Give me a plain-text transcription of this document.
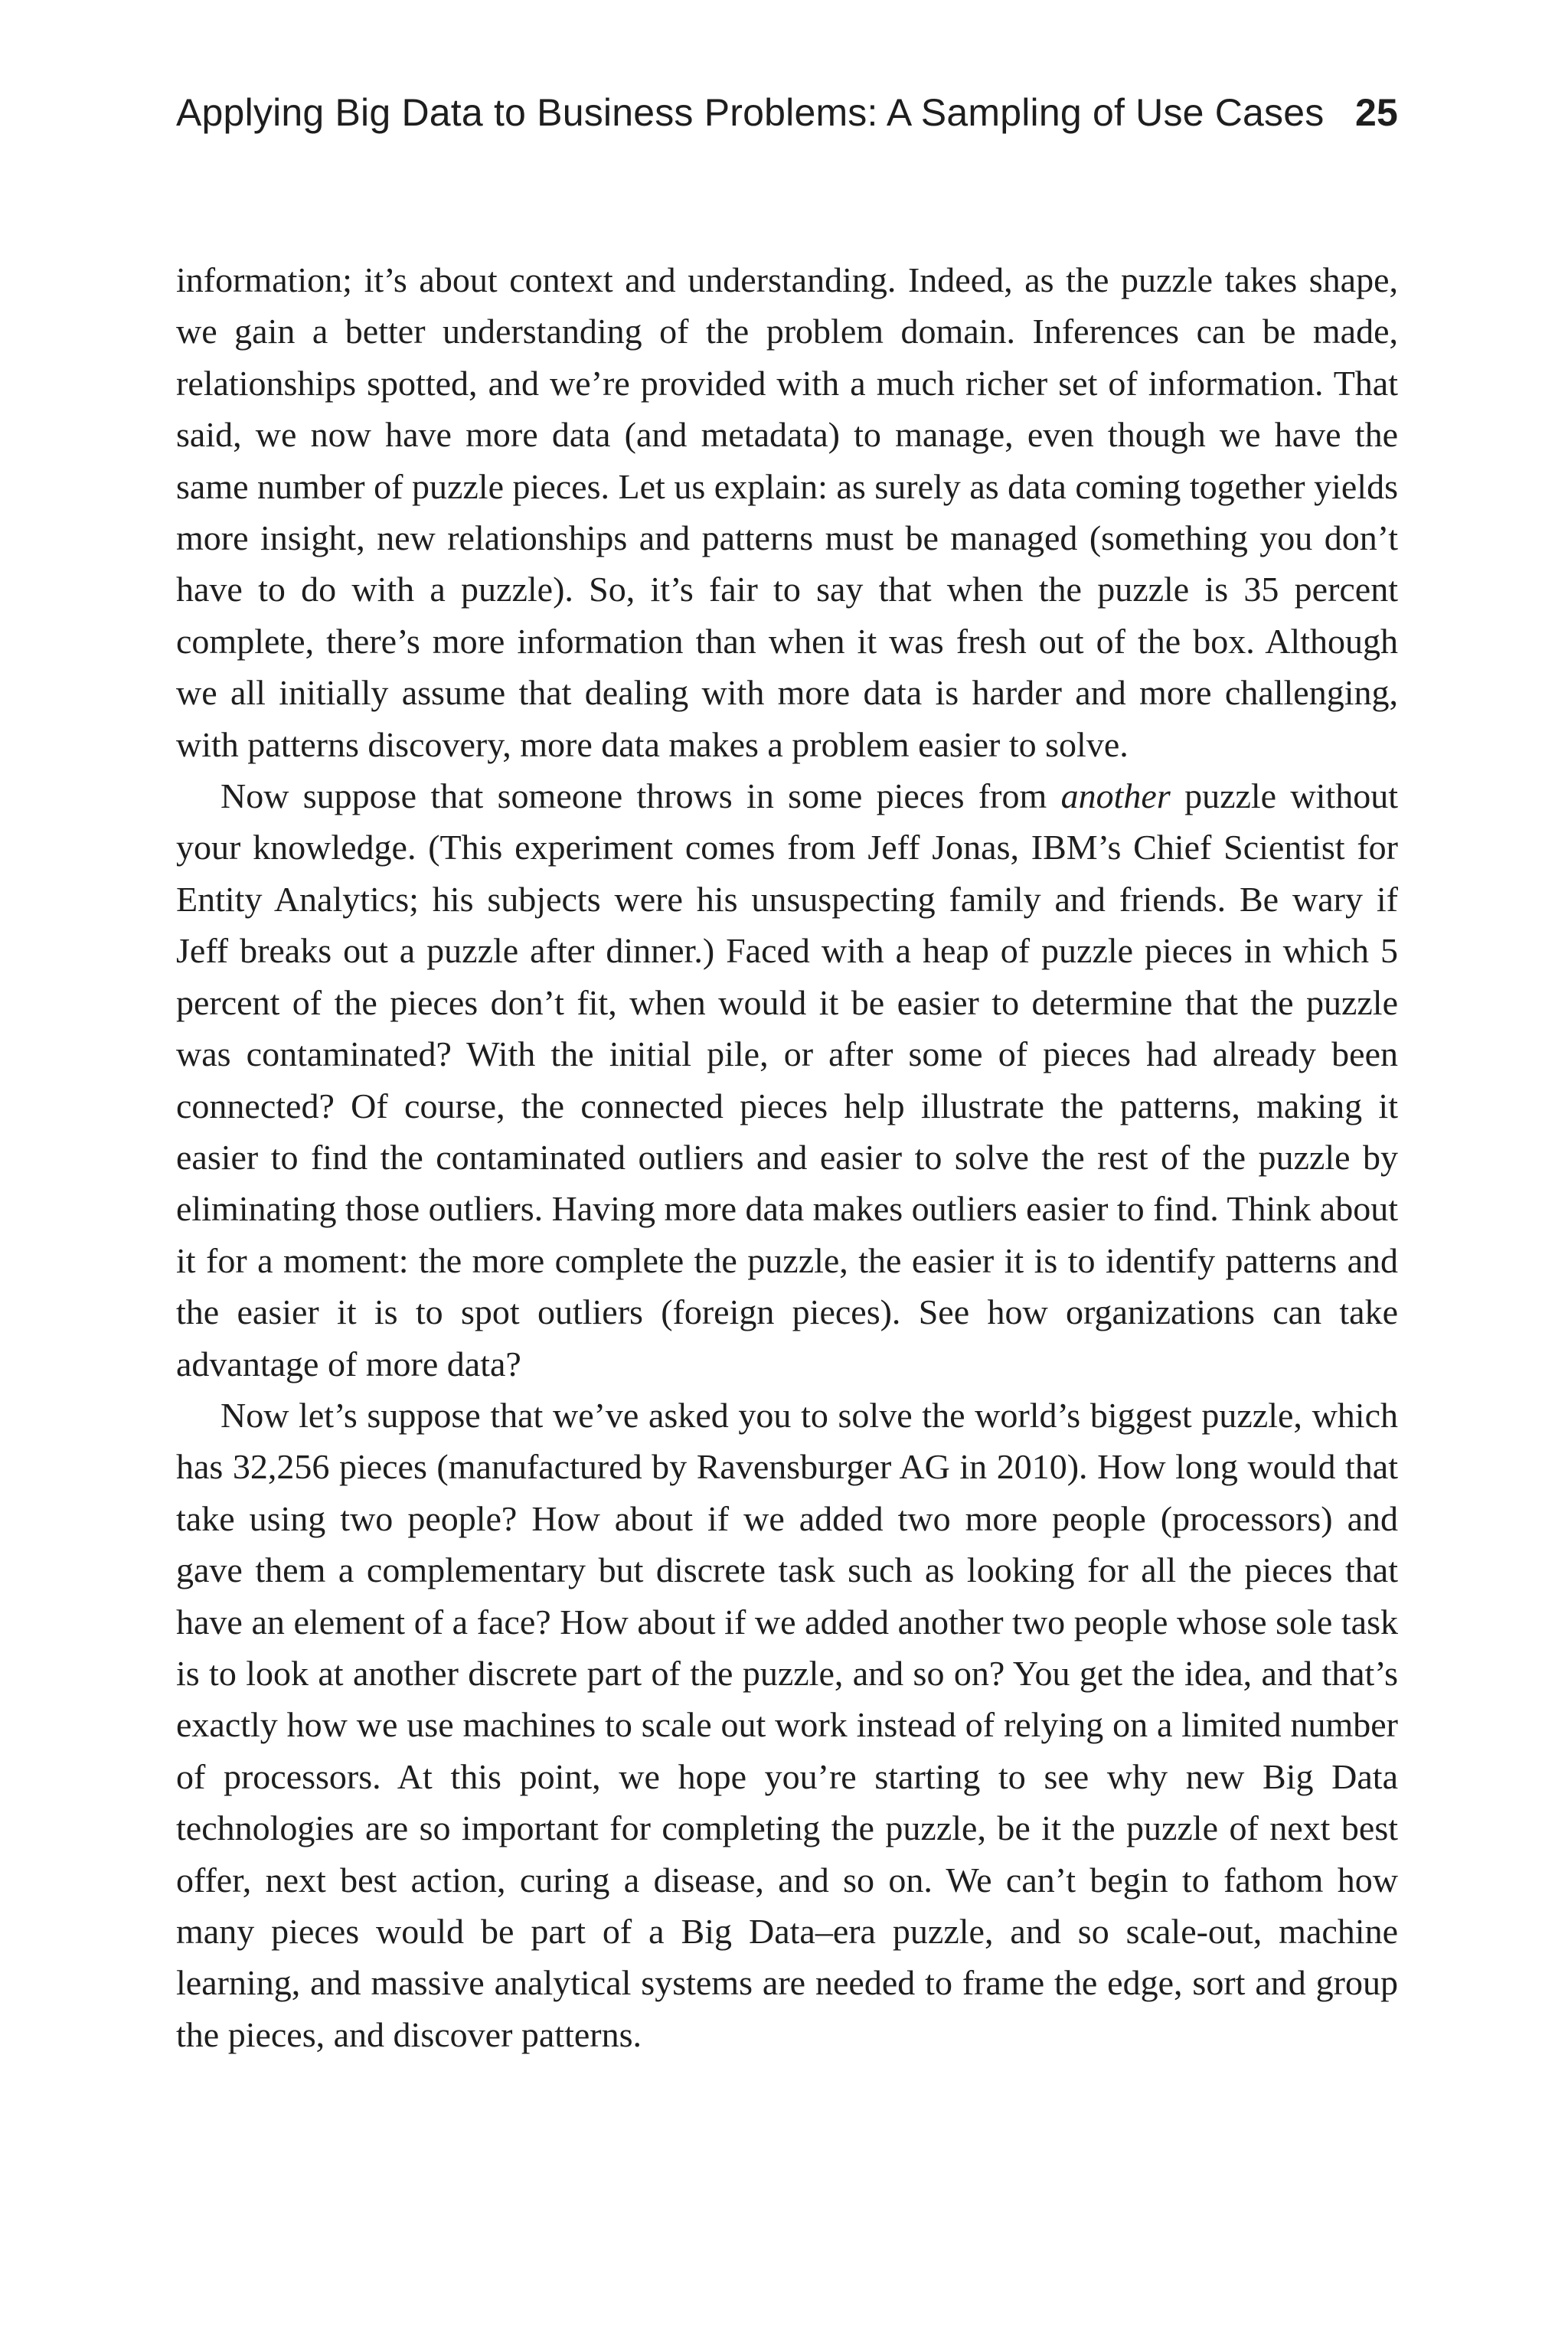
Applying Big Data to Business Problems: A Sampling of Use Cases 25

information; it’s about context and understanding. Indeed, as the puzzle takes shape, we gain a better understanding of the problem domain. Inferences can be made, relationships spotted, and we’re provided with a much richer set of information. That said, we now have more data (and metadata) to manage, even though we have the same number of puzzle pieces. Let us explain: as surely as data coming together yields more insight, new relationships and patterns must be managed (something you don’t have to do with a puzzle). So, it’s fair to say that when the puzzle is 35 percent complete, there’s more information than when it was fresh out of the box. Although we all initially assume that dealing with more data is harder and more challenging, with patterns discovery, more data makes a problem easier to solve.

Now suppose that someone throws in some pieces from another puzzle without your knowledge. (This experiment comes from Jeff Jonas, IBM’s Chief Scientist for Entity Analytics; his subjects were his unsuspecting family and friends. Be wary if Jeff breaks out a puzzle after dinner.) Faced with a heap of puzzle pieces in which 5 percent of the pieces don’t fit, when would it be easier to determine that the puzzle was contaminated? With the initial pile, or after some of pieces had already been connected? Of course, the connected pieces help illustrate the patterns, making it easier to find the contaminated outliers and easier to solve the rest of the puzzle by eliminating those outliers. Having more data makes outliers easier to find. Think about it for a moment: the more complete the puzzle, the easier it is to identify patterns and the easier it is to spot outliers (foreign pieces). See how organizations can take advantage of more data?

Now let’s suppose that we’ve asked you to solve the world’s biggest puzzle, which has 32,256 pieces (manufactured by Ravensburger AG in 2010). How long would that take using two people? How about if we added two more people (processors) and gave them a complementary but discrete task such as looking for all the pieces that have an element of a face? How about if we added another two people whose sole task is to look at another discrete part of the puzzle, and so on? You get the idea, and that’s exactly how we use machines to scale out work instead of relying on a limited number of processors. At this point, we hope you’re starting to see why new Big Data technologies are so important for completing the puzzle, be it the puzzle of next best offer, next best action, curing a disease, and so on. We can’t begin to fathom how many pieces would be part of a Big Data–era puzzle, and so scale-out, machine learning, and massive analytical systems are needed to frame the edge, sort and group the pieces, and discover patterns.
